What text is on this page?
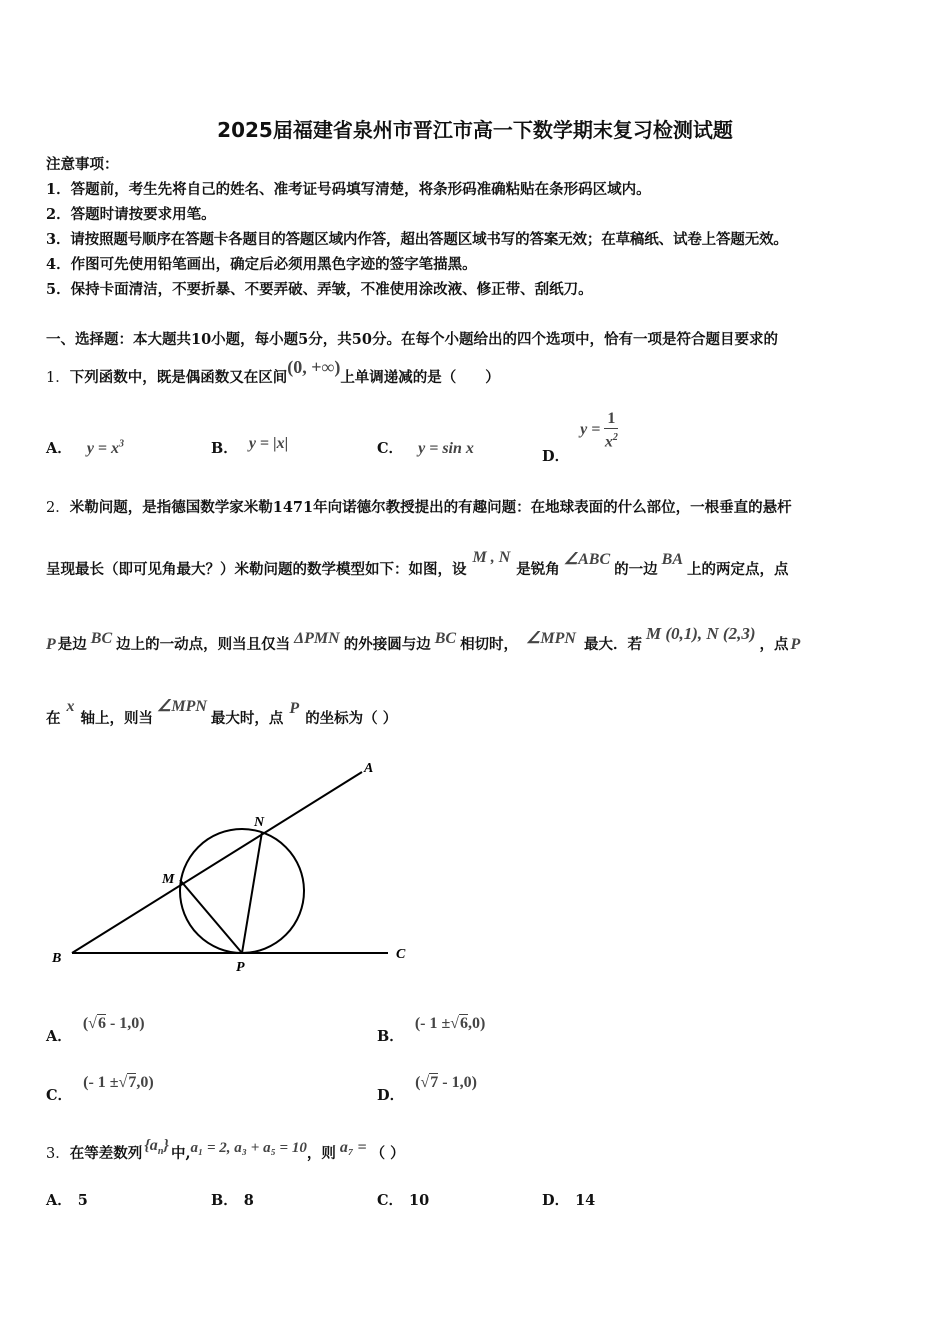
2025届福建省泉州市晋江市高一下数学期末复习检测试题
注意事项：
1．答题前，考生先将自己的姓名、准考证号码填写清楚，将条形码准确粘贴在条形码区域内。
2．答题时请按要求用笔。
3．请按照题号顺序在答题卡各题目的答题区域内作答，超出答题区域书写的答案无效；在草稿纸、试卷上答题无效。
4．作图可先使用铅笔画出，确定后必须用黑色字迹的签字笔描黑。
5．保持卡面清洁，不要折暴、不要弄破、弄皱，不准使用涂改液、修正带、刮纸刀。
一、选择题：本大题共10小题，每小题5分，共50分。在每个小题给出的四个选项中，恰有一项是符合题目要求的
1．下列函数中，既是偶函数又在区间(0, +∞)上单调递减的是（　　）
A． $y = x^3$	B． y = |x|	C． y = sin x	D． $y = \frac{1}{x^2}$
2．米勒问题，是指德国数学家米勒1471年向诺德尔教授提出的有趣问题：在地球表面的什么部位，一根垂直的悬杆
呈现最长（即可见角最大？）米勒问题的数学模型如下：如图，设M , N是锐角∠ABC的一边BA上的两定点，点
P 是边 BC 边上的一动点，则当且仅当 ΔPMN 的外接圆与边 BC 相切时， ∠MPN 最大．若M (0,1), N (2,3)，点 P
在x轴上，则当∠MPN最大时，点P的坐标为（ ）
A
N
M
B
P
C
A． (√6 - 1,0)
B． (- 1 ±√6,0)
C． (- 1 ±√7,0)
D． (√7 - 1,0)
3．在等差数列 $\{a_n\}$ 中,a₁ = 2, a₃ + a₅ = 10，则 a₇ = （ ）
A． 5	B． 8	C． 10	D． 14
